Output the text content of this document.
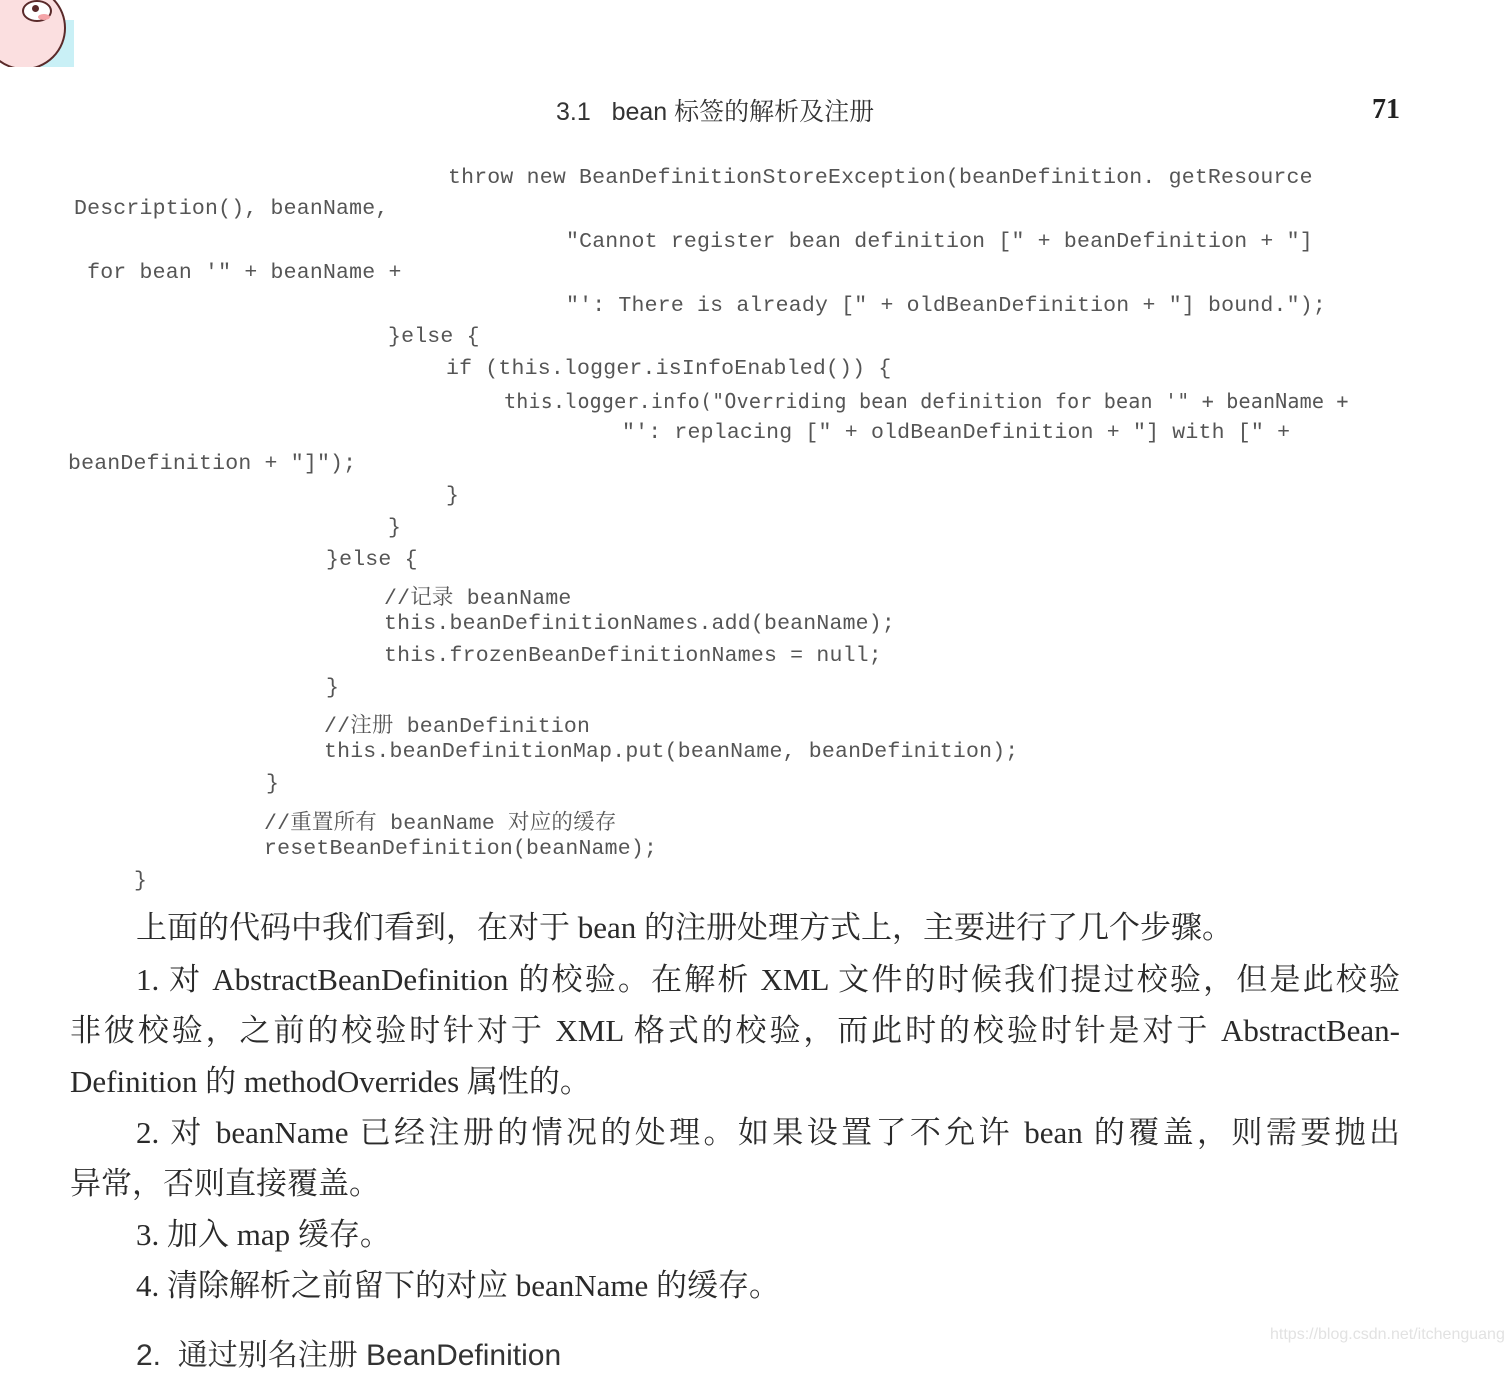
3.1   bean 标签的解析及注册	71
throw new BeanDefinitionStoreException(beanDefinition. getResource
Description(), beanName,
"Cannot register bean definition [" + beanDefinition + "]
for bean '" + beanName +
"': There is already [" + oldBeanDefinition + "] bound.");
}else {
if (this.logger.isInfoEnabled()) {
this.logger.info("Overriding bean definition for bean '" + beanName +
"': replacing [" + oldBeanDefinition + "] with [" +
beanDefinition + "]");
}
}
}else {
//记录 beanName
this.beanDefinitionNames.add(beanName);
this.frozenBeanDefinitionNames = null;
}
//注册 beanDefinition
this.beanDefinitionMap.put(beanName, beanDefinition);
}
//重置所有 beanName 对应的缓存
resetBeanDefinition(beanName);
}
上面的代码中我们看到，在对于 bean 的注册处理方式上，主要进行了几个步骤。
1. 对 AbstractBeanDefinition 的校验。在解析 XML 文件的时候我们提过校验，但是此校验
非彼校验，之前的校验时针对于 XML 格式的校验，而此时的校验时针是对于 AbstractBean-
Definition 的 methodOverrides 属性的。
2. 对 beanName 已经注册的情况的处理。如果设置了不允许 bean 的覆盖，则需要抛出
异常，否则直接覆盖。
3. 加入 map 缓存。
4. 清除解析之前留下的对应 beanName 的缓存。
2.  通过别名注册 BeanDefinition
https://blog.csdn.net/itchenguang
